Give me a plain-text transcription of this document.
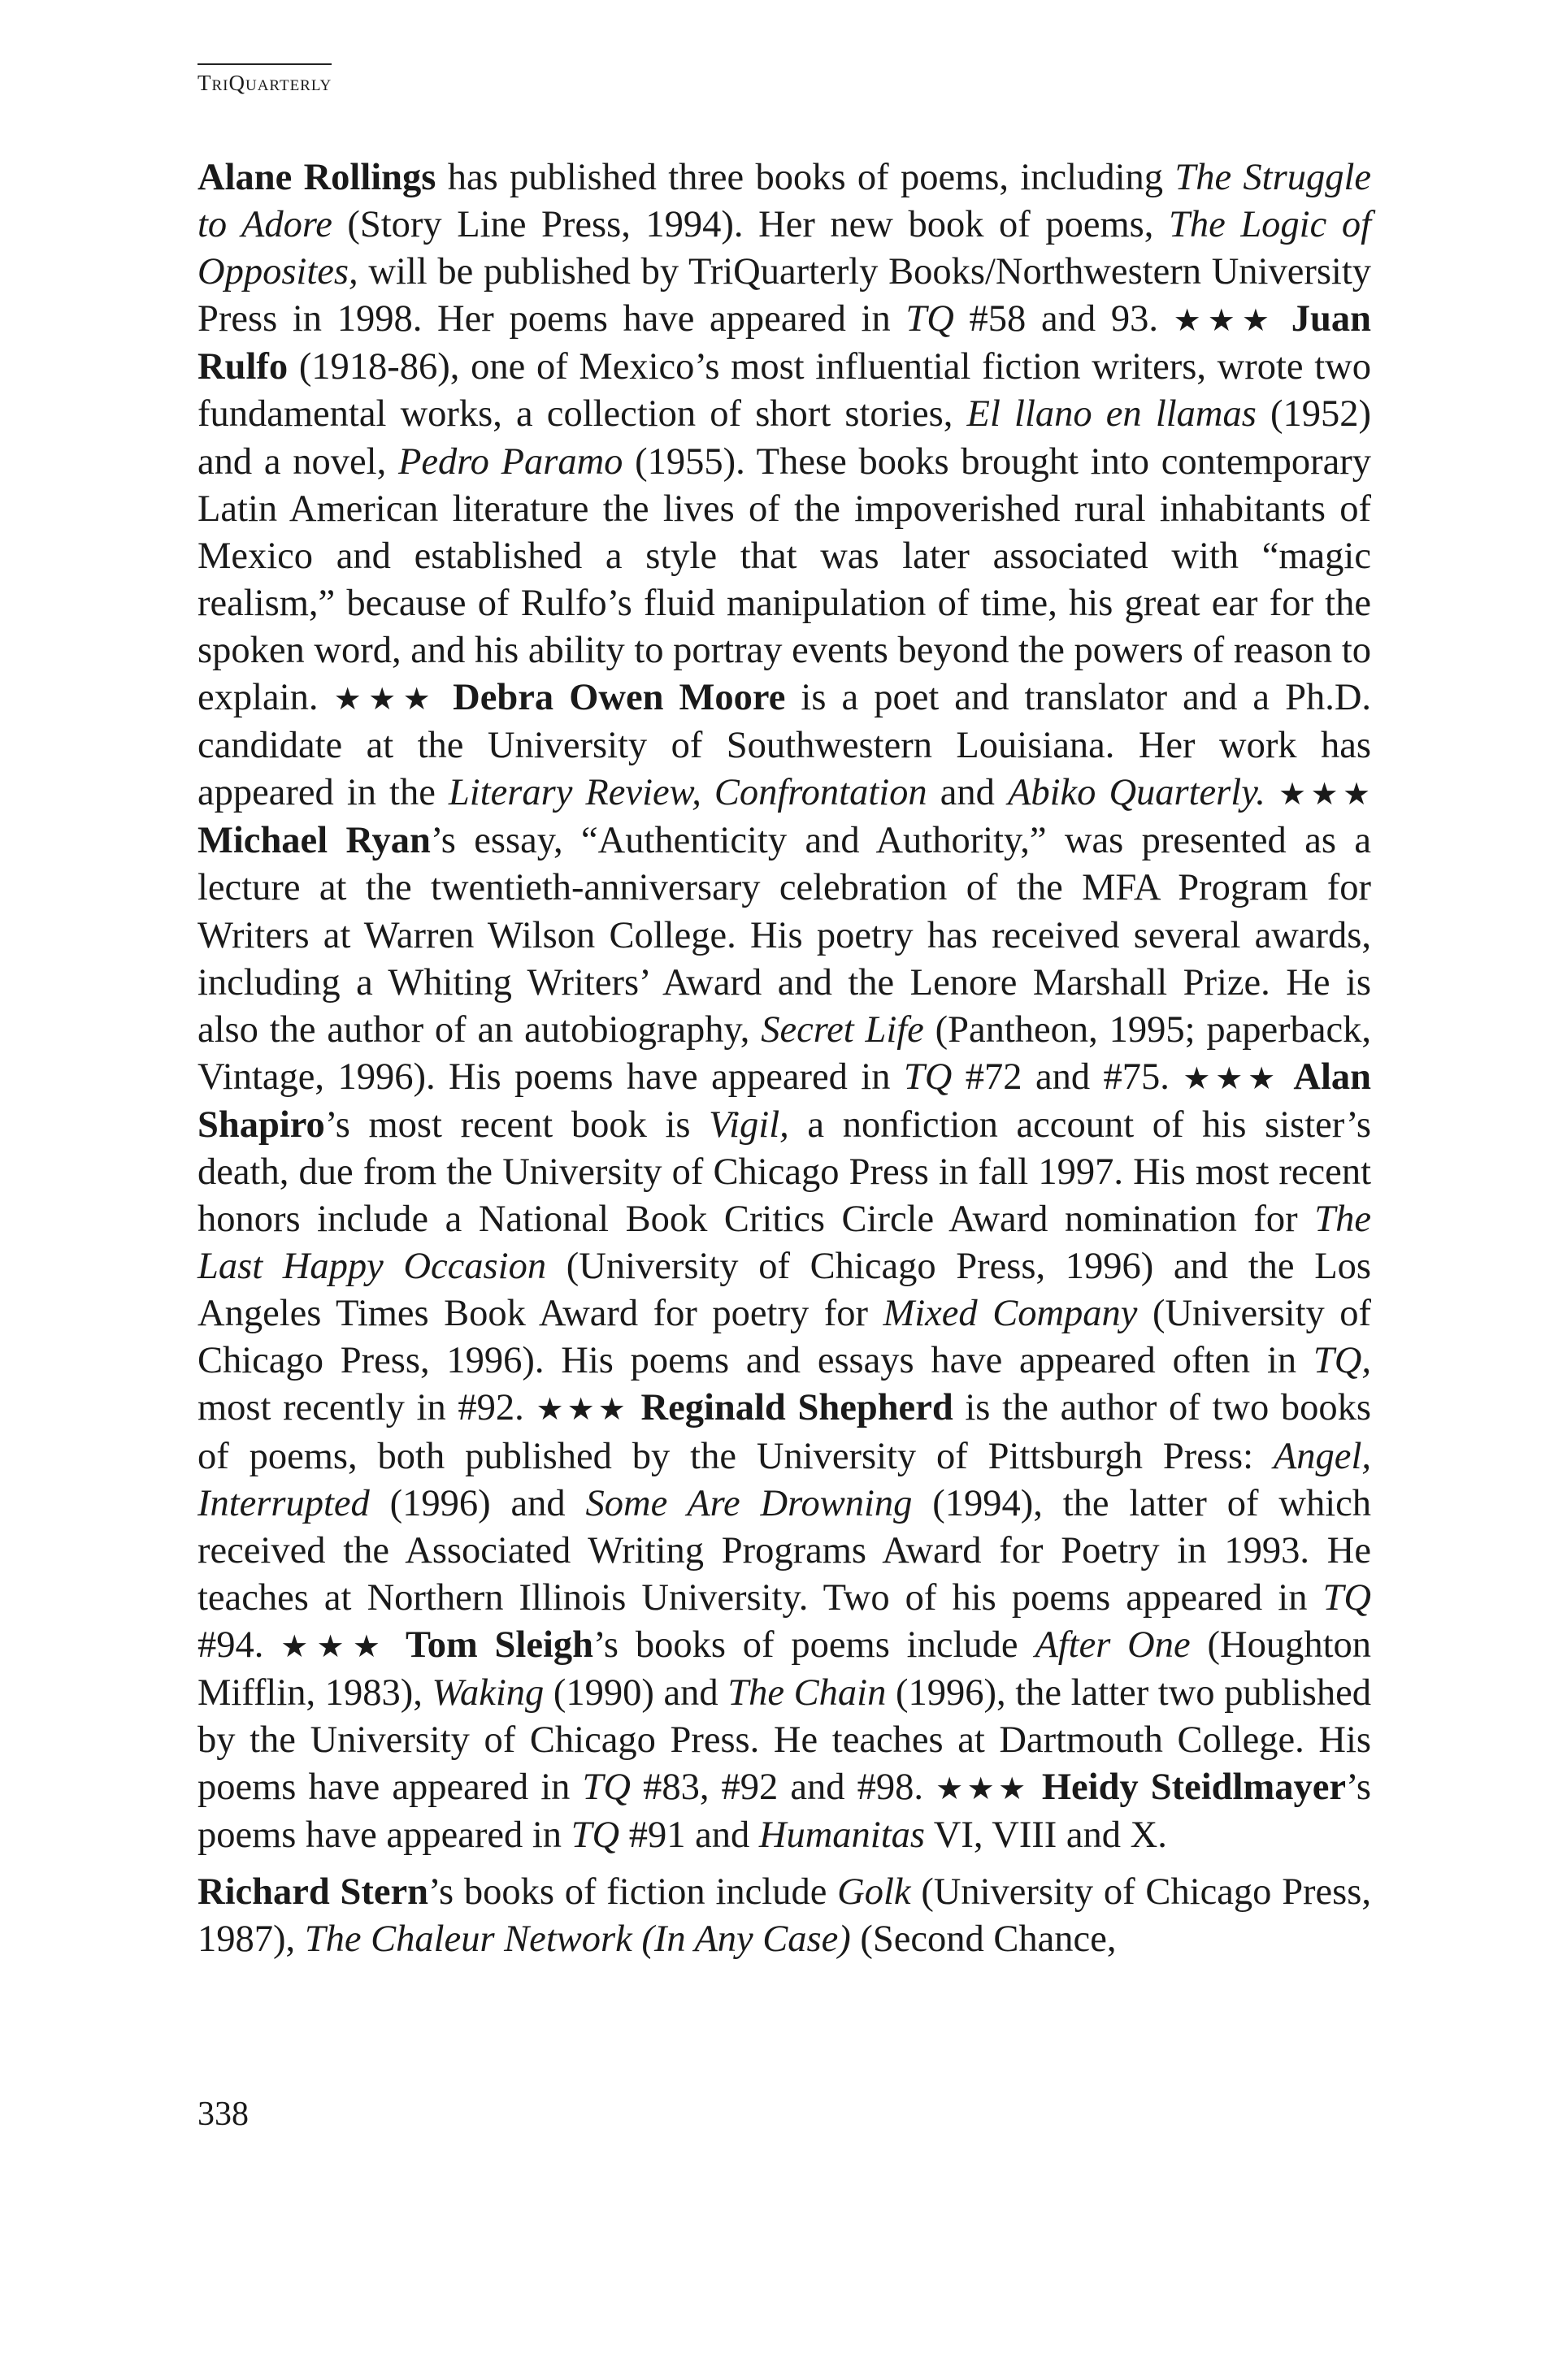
TriQuarterly

Alane Rollings has published three books of poems, including The Struggle to Adore (Story Line Press, 1994). Her new book of poems, The Logic of Opposites, will be published by TriQuarterly Books/Northwestern University Press in 1998. Her poems have appeared in TQ #58 and 93. ★★★ Juan Rulfo (1918-86), one of Mexico’s most influential fiction writers, wrote two fundamental works, a collection of short stories, El llano en llamas (1952) and a novel, Pedro Paramo (1955). These books brought into contemporary Latin American literature the lives of the impoverished rural inhabitants of Mexico and established a style that was later associated with “magic realism,” because of Rulfo’s fluid manipulation of time, his great ear for the spoken word, and his ability to portray events beyond the powers of reason to explain. ★★★ Debra Owen Moore is a poet and translator and a Ph.D. candidate at the University of Southwestern Louisiana. Her work has appeared in the Literary Review, Confrontation and Abiko Quarterly. ★★★ Michael Ryan’s essay, “Authenticity and Authority,” was presented as a lecture at the twentieth-anniversary celebration of the MFA Program for Writers at Warren Wilson College. His poetry has received several awards, including a Whiting Writers’ Award and the Lenore Marshall Prize. He is also the author of an autobiography, Secret Life (Pantheon, 1995; paperback, Vintage, 1996). His poems have appeared in TQ #72 and #75. ★★★ Alan Shapiro’s most recent book is Vigil, a nonfiction account of his sister’s death, due from the University of Chicago Press in fall 1997. His most recent honors include a National Book Critics Circle Award nomination for The Last Happy Occasion (University of Chicago Press, 1996) and the Los Angeles Times Book Award for poetry for Mixed Company (University of Chicago Press, 1996). His poems and essays have appeared often in TQ, most recently in #92. ★★★ Reginald Shepherd is the author of two books of poems, both published by the University of Pittsburgh Press: Angel, Interrupted (1996) and Some Are Drowning (1994), the latter of which received the Associated Writing Programs Award for Poetry in 1993. He teaches at Northern Illinois University. Two of his poems appeared in TQ #94. ★★★ Tom Sleigh’s books of poems include After One (Houghton Mifflin, 1983), Waking (1990) and The Chain (1996), the latter two published by the University of Chicago Press. He teaches at Dartmouth College. His poems have appeared in TQ #83, #92 and #98. ★★★ Heidy Steidlmayer’s poems have appeared in TQ #91 and Humanitas VI, VIII and X.

Richard Stern’s books of fiction include Golk (University of Chicago Press, 1987), The Chaleur Network (In Any Case) (Second Chance,

338
